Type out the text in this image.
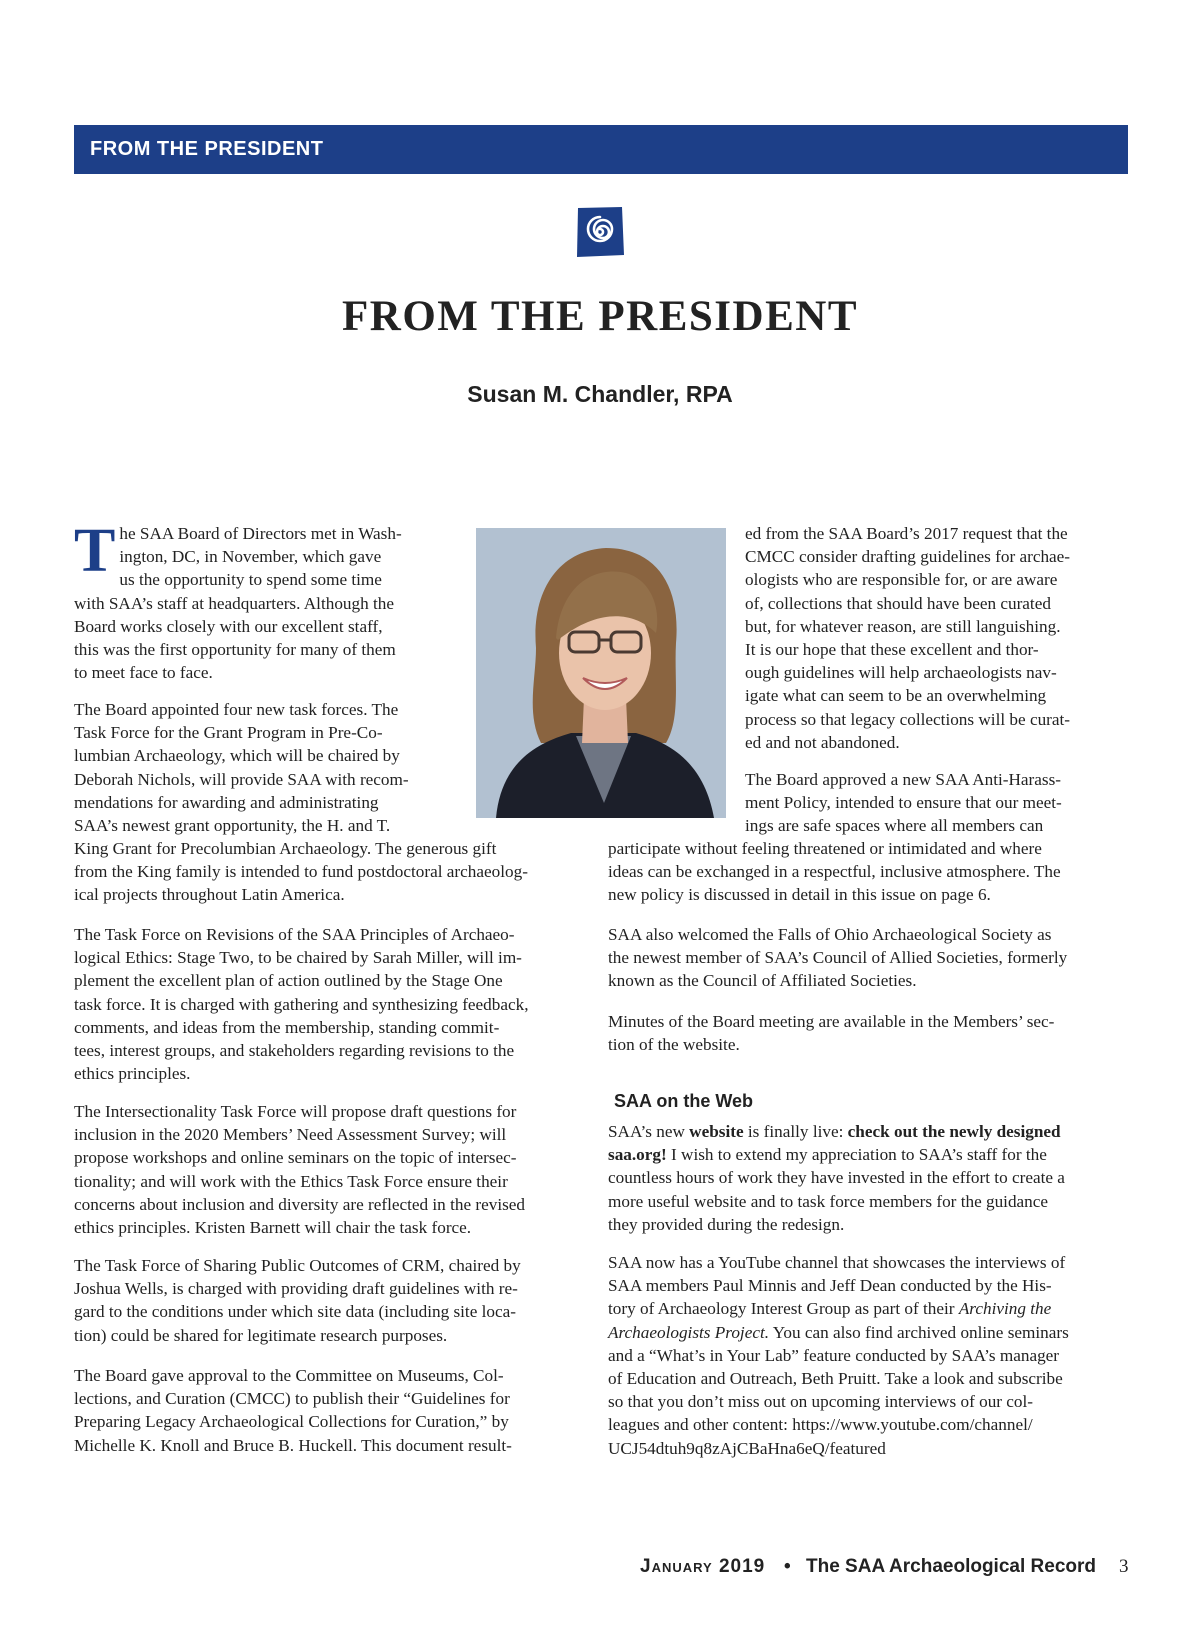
FROM THE PRESIDENT
FROM THE PRESIDENT
Susan M. Chandler, RPA
T he SAA Board of Directors met in Wash-
ington, DC, in November, which gave
us the opportunity to spend some time
with SAA’s staff at headquarters. Although the
Board works closely with our excellent staff,
this was the first opportunity for many of them
to meet face to face.
The Board appointed four new task forces. The
Task Force for the Grant Program in Pre-Co-
lumbian Archaeology, which will be chaired by
Deborah Nichols, will provide SAA with recom-
mendations for awarding and administrating
SAA’s newest grant opportunity, the H. and T.
King Grant for Precolumbian Archaeology. The generous gift
from the King family is intended to fund postdoctoral archaeolog-
ical projects throughout Latin America.
The Task Force on Revisions of the SAA Principles of Archaeo-
logical Ethics: Stage Two, to be chaired by Sarah Miller, will im-
plement the excellent plan of action outlined by the Stage One
task force. It is charged with gathering and synthesizing feedback,
comments, and ideas from the membership, standing commit-
tees, interest groups, and stakeholders regarding revisions to the
ethics principles.
The Intersectionality Task Force will propose draft questions for
inclusion in the 2020 Members’ Need Assessment Survey; will
propose workshops and online seminars on the topic of intersec-
tionality; and will work with the Ethics Task Force ensure their
concerns about inclusion and diversity are reflected in the revised
ethics principles. Kristen Barnett will chair the task force.
The Task Force of Sharing Public Outcomes of CRM, chaired by
Joshua Wells, is charged with providing draft guidelines with re-
gard to the conditions under which site data (including site loca-
tion) could be shared for legitimate research purposes.
The Board gave approval to the Committee on Museums, Col-
lections, and Curation (CMCC) to publish their “Guidelines for
Preparing Legacy Archaeological Collections for Curation,” by
Michelle K. Knoll and Bruce B. Huckell. This document result-
ed from the SAA Board’s 2017 request that the
CMCC consider drafting guidelines for archae-
ologists who are responsible for, or are aware
of, collections that should have been curated
but, for whatever reason, are still languishing.
It is our hope that these excellent and thor-
ough guidelines will help archaeologists nav-
igate what can seem to be an overwhelming
process so that legacy collections will be curat-
ed and not abandoned.
The Board approved a new SAA Anti-Harass-
ment Policy, intended to ensure that our meet-
ings are safe spaces where all members can
participate without feeling threatened or intimidated and where
ideas can be exchanged in a respectful, inclusive atmosphere. The
new policy is discussed in detail in this issue on page 6.
SAA also welcomed the Falls of Ohio Archaeological Society as
the newest member of SAA’s Council of Allied Societies, formerly
known as the Council of Affiliated Societies.
Minutes of the Board meeting are available in the Members’ sec-
tion of the website.
SAA on the Web
SAA’s new website is finally live: check out the newly designed
saa.org! I wish to extend my appreciation to SAA’s staff for the
countless hours of work they have invested in the effort to create a
more useful website and to task force members for the guidance
they provided during the redesign.
SAA now has a YouTube channel that showcases the interviews of
SAA members Paul Minnis and Jeff Dean conducted by the His-
tory of Archaeology Interest Group as part of their Archiving the
Archaeologists Project. You can also find archived online seminars
and a “What’s in Your Lab” feature conducted by SAA’s manager
of Education and Outreach, Beth Pruitt. Take a look and subscribe
so that you don’t miss out on upcoming interviews of our col-
leagues and other content: https://www.youtube.com/channel/
UCJ54dtuh9q8zAjCBaHna6eQ/featured
January 2019 • The SAA Archaeological Record 3
